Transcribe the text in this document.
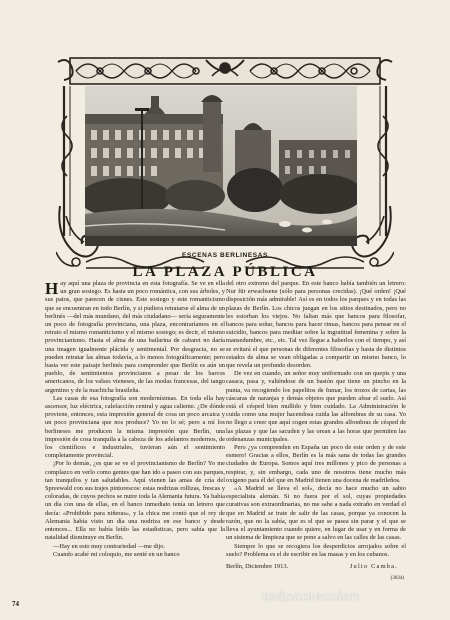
ESCENAS BERLINESAS
LA PLAZA PÚBLICA
H ay aquí una plaza de provincia en esta fotografía. Se ve en ella un gran sosiego. Es hasta un poco romántica, con sus árboles, y sus patos, que parecen de cisnes. Este sosiego y este romanticismo que se encuentran en todo Berlín, y si pudiera retratarse el alma de un berlinés —del más mundano, del más ciudadano— sería seguramente un poco de fotografía provinciana, una plaza, encontraríamos en el retrato el mismo romanticismo y el mismo sosiego; es decir, el mismo provincianismo. Hasta el alma de una bailarina de cabaret no daría una imagen igualmente plácida y sentimental. Por desgracia, no se pueden retratar las almas todavía, a lo menos fotográficamente; pero basta ver este paisaje berlinés para comprender que Berlín es aún un pueblo, de sentimientos provincianos a pesar de los barcos americanos, de los valses vieneses, de las modas francesas, del tango argentino y de la machicha brasileña.

Las casas de esa fotografía son modernísimas. En toda ella hay ascensor, luz eléctrica, calefacción central y agua caliente. ¿De dónde proviene, entonces, esta impresión general de cosa un poco arcaica y un poco provinciana que nos produce? Yo no lo sé; pero a mí los berlineses me producen la misma impresión que Berlín, una impresión de cosa tranquila a la cabeza de los adelantos modernos, de los científicos e industriales, tuvieran aún el sentimiento completamente provincial.

¡Por lo demás, ¿es que se ve el provincianismo de Berlín? Yo me complazco en verlo como gentes que han ido a paseo con sus parques, tan tranquilos y tan saludables. Aquí vienen las amas de cría del Spreewald con sus trajes pintorescos: estas nodrizas rollizas, frescas y coloradas, de cuyos pechos se nutre toda la Alemania futura. Ya había un día con una de ellas, en el banco inmediato tenía un letrero que decía: «Prohibido para niñeras», y la chica me contó que el rey de Alemania había visto un día una nodriza en ese banco y desde entonces... Ella no había leído las estadísticas, pero sabía que la natalidad disminuye en Berlín.

—Hay en esto muy contrariedad —me dijo.

Cuando acabé mi coloquio, me senté en un banco

del otro extremo del parque. En este banco había también un letrero: Nur für erwachsene (sólo para personas crecidas). ¡Qué orden! ¡Qué disposición más admirable! Así es en todos los parques y en todas las plazas de Berlín. Los chicos juegan en los sitios destinados, pero no les estorban los viejos. No faltan más que bancos para filosofar, bancos para soñar, bancos para hacer rimas, bancos para pensar en el suicidio, bancos para meditar sobre la ingratitud femenina y sobre la mansedumbre, etc., etc. Tal vez llegue a haberlos con el tiempo, y así se evitará el que personas de diferentes filosofías y hasta de distintos estados de alma se vean obligadas a compartir un mismo banco, lo que revela un profundo desorden.

De vez en cuando, un señor muy uniformado con un quepis y una casaca, pasa y, valiéndose de un bastón que tiene un pincho en la punta, va recogiendo los papelitos de fumar, los trozos de cartas, las cáscaras de naranjas y demás objetos que pueden afear el suelo. Así está el césped bien mullido y bien cuidado. La Administración le cuida como una mujer hacendosa cuida las alfombras de su casa. Yo no llego a creer que aquí cogen estas grandes alfombras de césped de las plazas y que las sacuden y las orean a las horas que permiten las ordenanzas municipales.

Pero ¿ya comprenden en España un poco de este orden y de este esmero! Gracias a ellos, Berlín es la más sana de todas las grandes ciudades de Europa. Somos aquí tres millones y pico de personas a respirar, y, sin embargo, cada uno de nosotros tiene mucho más oxígeno para él del que en Madrid tienen una docena de madrileños.

«A Madrid se lleva el sol», decía no hace mucho un sabio especialista alemán. Si no fuera por el sol, cuyas propiedades curativas son extraordinarias, no me sabe a nada extraño en verdad el que en Madrid se trate de salir de las casas, porque ya conocen la razón, que no la sabía, que es el que se pasea sin parar y el que se lleva el ayuntamiento cuando quiere, en lugar de usar y en forma de un sistema de limpieza que se pone a salvo en las calles de las casas.

Siempre lo que se recogiera los desperdicios arrojados sobre el suelo? Problema es el de escribir en las masas y en los cubanos.

Berlín, Diciembre 1913.	Julio Camba.
(3034)
74	todocoleccion
